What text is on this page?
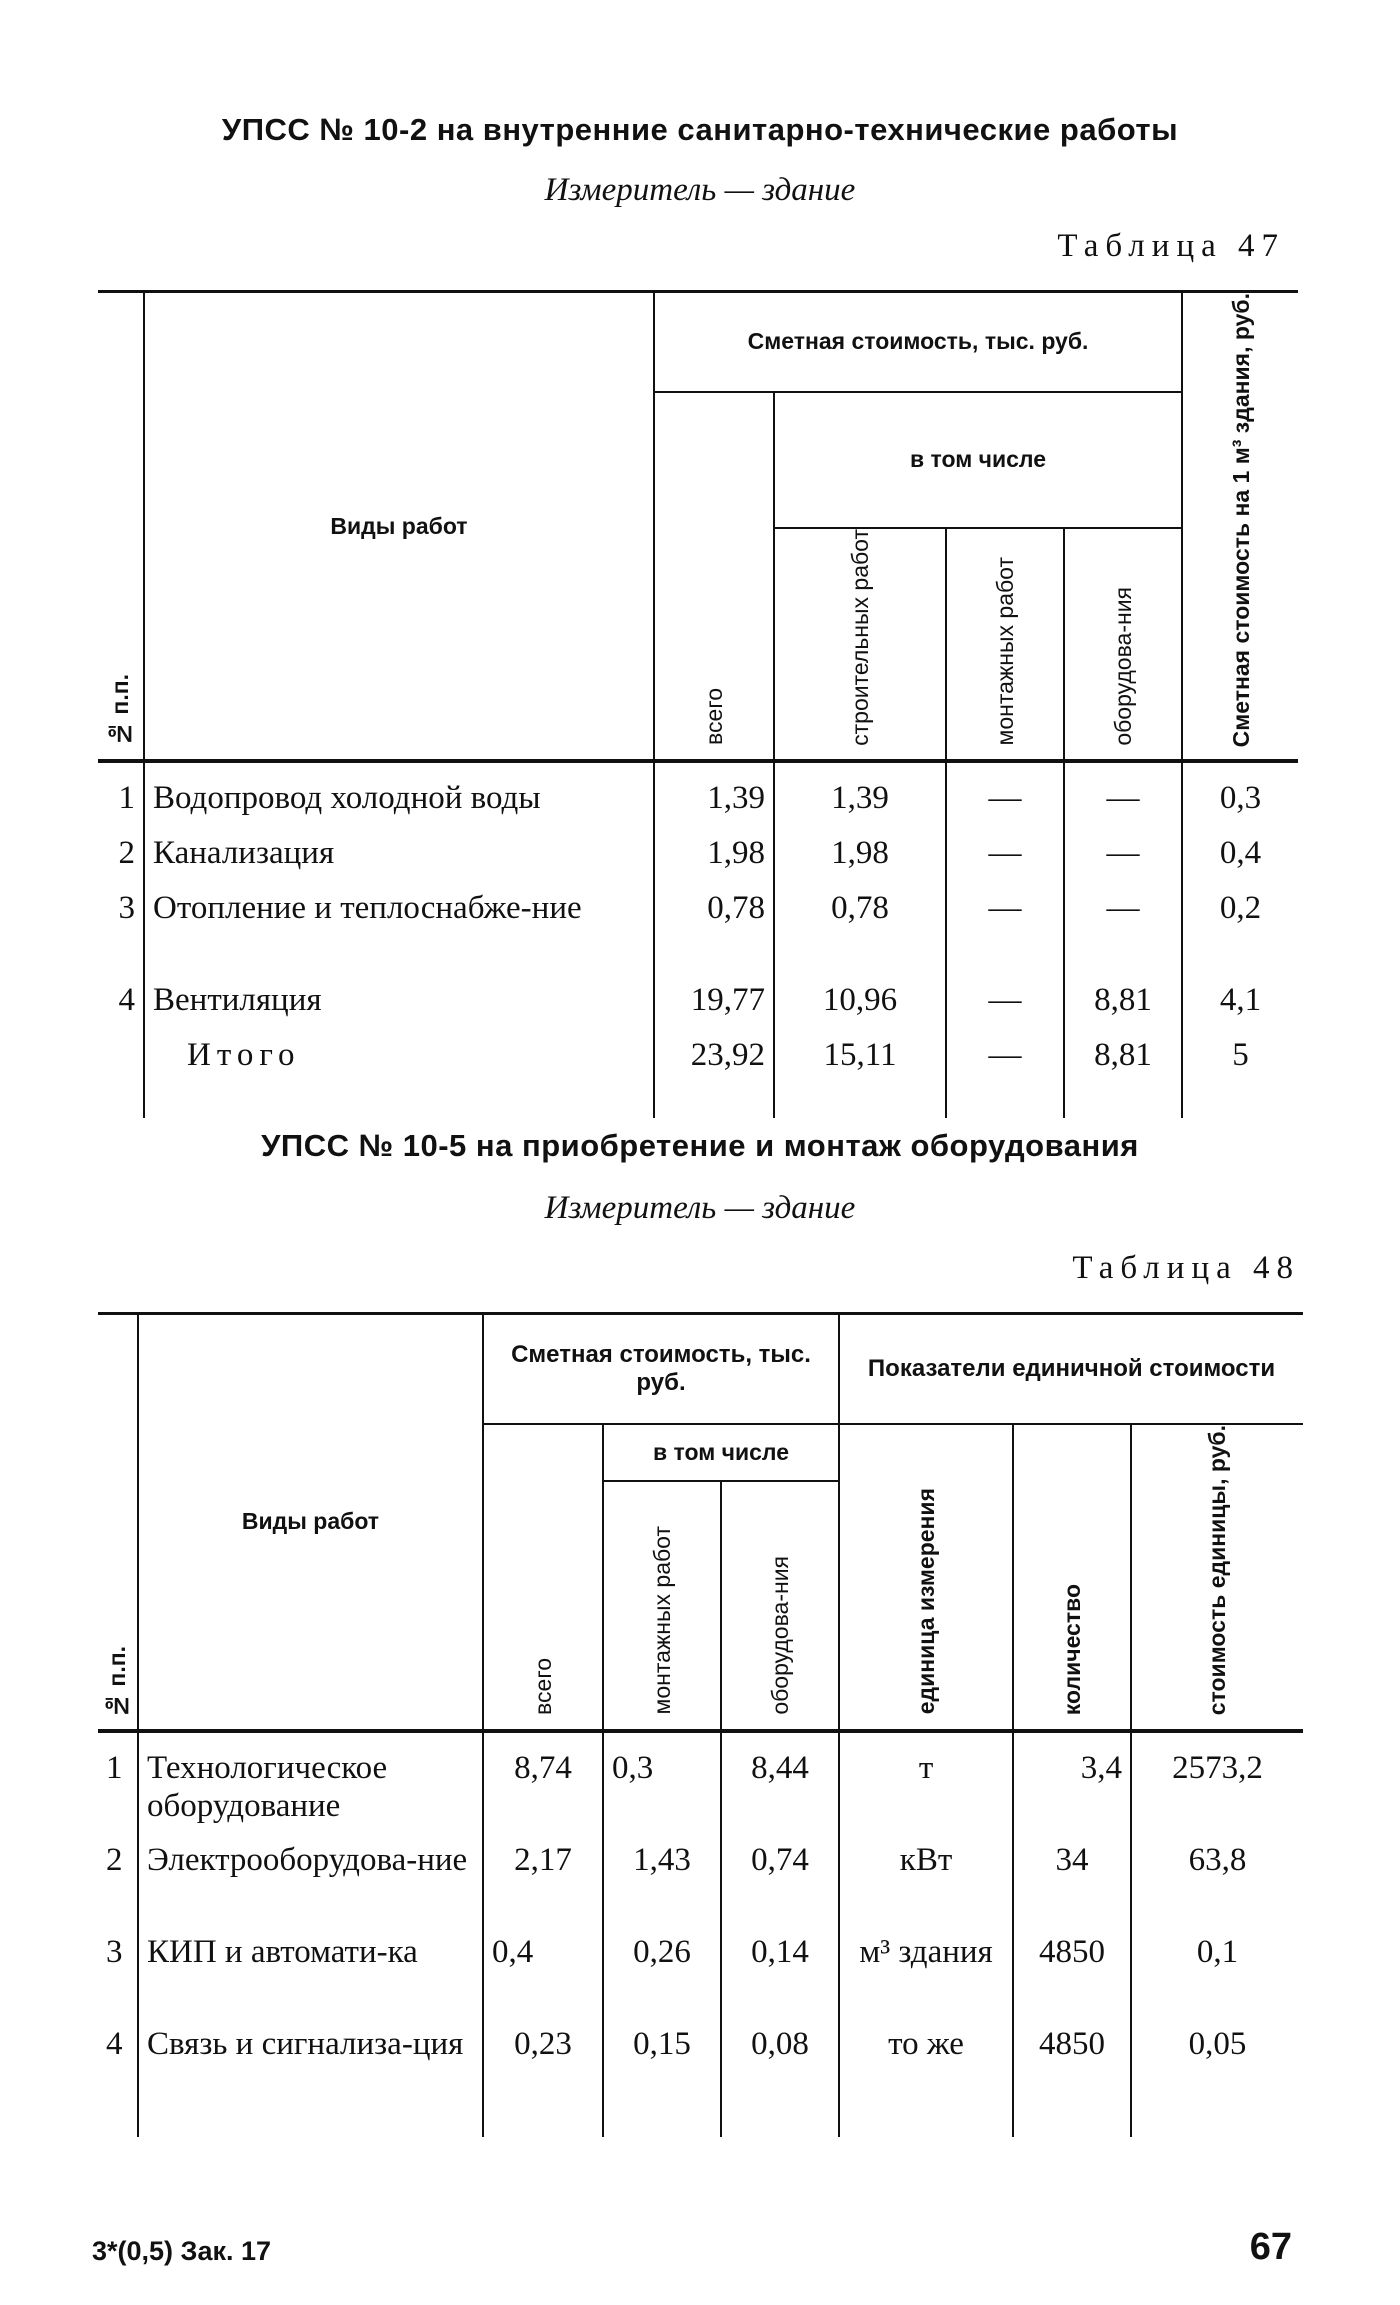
УПСС № 10-2 на внутренние санитарно-технические работы
Измеритель — здание
Таблица 47
№ п.п.	Виды работ	Сметная стоимость, тыс. руб.				Сметная стоимость на 1 м³ здания, руб.

		всего	в том числе			

			строительных работ	монтажных работ	оборудова-ния	

1	Водопровод холодной воды	1,39	1,39	—	—	0,3
2	Канализация	1,98	1,98	—	—	0,4
3	Отопление и теплоснабже-ние	0,78	0,78	—	—	0,2
4	Вентиляция	19,77	10,96	—	8,81	4,1
	Итого	23,92	15,11	—	8,81	5
УПСС № 10-5 на приобретение и монтаж оборудования
Измеритель — здание
Таблица 48
№ п.п.	Виды работ	Сметная стоимость, тыс. руб.			Показатели единичной стоимости		

		всего	в том числе		единица измерения	количество	стоимость единицы, руб.

			монтажных работ	оборудова-ния			

1	Технологическое оборудование	8,74	0,3	8,44	т	3,4	2573,2
2	Электрооборудова-ние	2,17	1,43	0,74	кВт	34	63,8
3	КИП и автомати-ка	0,4	0,26	0,14	м³ здания	4850	0,1
4	Связь и сигнализа-ция	0,23	0,15	0,08	то же	4850	0,05
3*(0,5) Зак. 17	67
